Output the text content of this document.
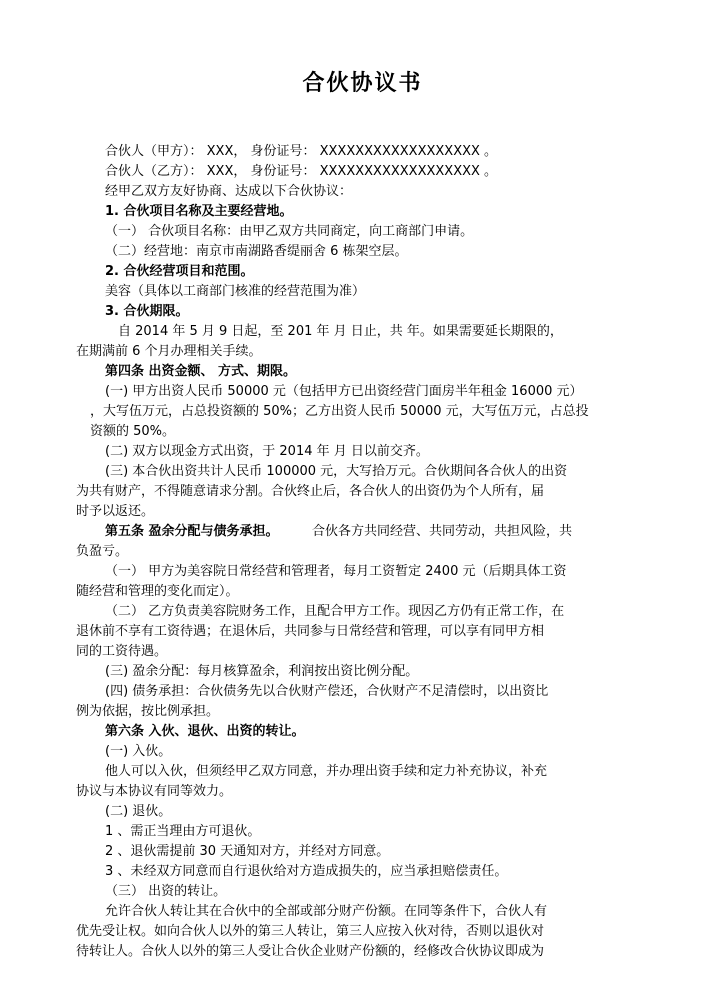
合伙协议书
合伙人（甲方）： XXX， 身份证号： XXXXXXXXXXXXXXXXXX 。
合伙人（乙方）： XXX， 身份证号： XXXXXXXXXXXXXXXXXX 。
经甲乙双方友好协商、达成以下合伙协议：
1. 合伙项目名称及主要经营地。
（一） 合伙项目名称：由甲乙双方共同商定，向工商部门申请。
（二）经营地：南京市南湖路香缇丽舍 6 栋架空层。
2. 合伙经营项目和范围。
美容（具体以工商部门核准的经营范围为准）
3. 合伙期限。
自 2014 年 5 月 9 日起，至 201 年 月 日止，共 年。如果需要延长期限的，
在期满前 6 个月办理相关手续。
第四条 出资金额、 方式、期限。
(一) 甲方出资人民币 50000 元（包括甲方已出资经营门面房半年租金 16000 元）
，大写伍万元，占总投资额的 50%；乙方出资人民币 50000 元，大写伍万元，占总投
资额的 50%。
(二) 双方以现金方式出资，于 2014 年 月 日以前交齐。
(三) 本合伙出资共计人民币 100000 元，大写拾万元。合伙期间各合伙人的出资
为共有财产，不得随意请求分割。合伙终止后，各合伙人的出资仍为个人所有，届
时予以返还。
第五条 盈余分配与债务承担。	合伙各方共同经营、共同劳动，共担风险，共
负盈亏。
（一） 甲方为美容院日常经营和管理者，每月工资暂定 2400 元（后期具体工资
随经营和管理的变化而定）。
（二） 乙方负责美容院财务工作，且配合甲方工作。现因乙方仍有正常工作，在
退休前不享有工资待遇；在退休后，共同参与日常经营和管理，可以享有同甲方相
同的工资待遇。
(三) 盈余分配：每月核算盈余，利润按出资比例分配。
(四) 债务承担：合伙债务先以合伙财产偿还，合伙财产不足清偿时，以出资比
例为依据，按比例承担。
第六条 入伙、退伙、出资的转让。
(一) 入伙。
他人可以入伙，但须经甲乙双方同意，并办理出资手续和定力补充协议，补充
协议与本协议有同等效力。
(二) 退伙。
1 、需正当理由方可退伙。
2 、退伙需提前 30 天通知对方，并经对方同意。
3 、未经双方同意而自行退伙给对方造成损失的，应当承担赔偿责任。
（三） 出资的转让。
允许合伙人转让其在合伙中的全部或部分财产份额。在同等条件下，合伙人有
优先受让权。如向合伙人以外的第三人转让，第三人应按入伙对待，否则以退伙对
待转让人。合伙人以外的第三人受让合伙企业财产份额的，经修改合伙协议即成为
